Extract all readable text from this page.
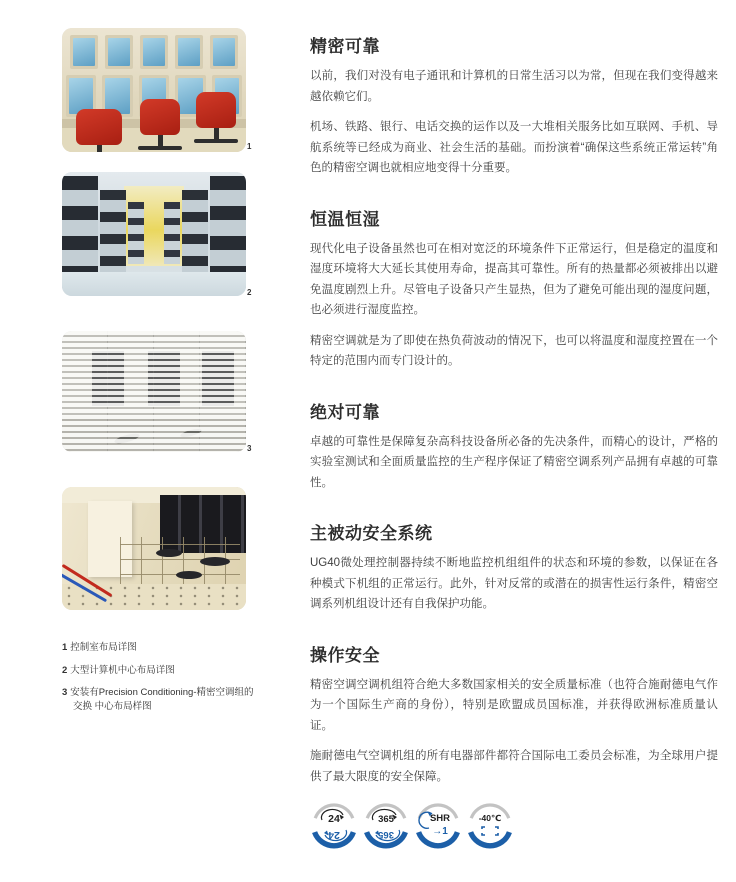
1
2
3
1 控制室布局详图
2 大型计算机中心布局详图
3 安装有Precision Conditioning-精密空调组的交换 中心布局样图
精密可靠

以前，我们对没有电子通讯和计算机的日常生活习以为常，但现在我们变得越来越依赖它们。

机场、铁路、银行、电话交换的运作以及一大堆相关服务比如互联网、手机、导航系统等已经成为商业、社会生活的基础。而扮演着“确保这些系统正常运转”角色的精密空调也就相应地变得十分重要。

恒温恒湿

现代化电子设备虽然也可在相对宽泛的环境条件下正常运行，但是稳定的温度和湿度环境将大大延长其使用寿命，提高其可靠性。所有的热量都必须被排出以避免温度剧烈上升。尽管电子设备只产生显热，但为了避免可能出现的湿度问题，也必须进行湿度监控。

精密空调就是为了即使在热负荷波动的情况下，也可以将温度和湿度控置在一个特定的范围内而专门设计的。

绝对可靠

卓越的可靠性是保障复杂高科技设备所必备的先决条件，而精心的设计，严格的实验室测试和全面质量监控的生产程序保证了精密空调系列产品拥有卓越的可靠性。

主被动安全系统

UG40微处理控制器持续不断地监控机组组件的状态和环境的参数，以保证在各种模式下机组的正常运行。此外，针对反常的或潜在的损害性运行条件，精密空调系列机组设计还有自我保护功能。

操作安全

精密空调空调机组符合绝大多数国家相关的安全质量标准（也符合施耐德电气作为一个国际生产商的身份），特别是欧盟成员国标准，并获得欧洲标准质量认证。

施耐德电气空调机组的所有电器部件都符合国际电工委员会标准，为全球用户提供了最大限度的安全保障。

24
24
365
365
SHR
→1
-40℃
